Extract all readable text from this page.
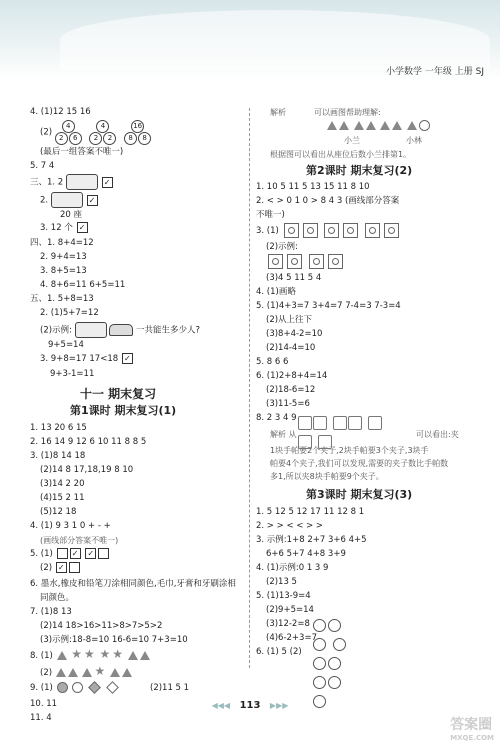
小学数学 一年级 上册 SJ
4. (1)12 15 16
(2)
4
2	6

4
2	2

16
8	8
(最后一组答案不唯一)
5. 7 4
三、1. 2	✓
2.	✓
20 座
3. 12 个 ✓
四、1. 8+4=12
2. 9+4=13
3. 8+5=13
4. 8+6=11 6+5=11
五、1. 5+8=13
2. (1)5+7=12
(2)示例:	一共能生多少人?
9+5=14
3. 9+8=17 17<18 ✓
9+3-1=11
十一 期末复习
第1课时 期末复习(1)
1. 13 20 6 15
2. 16 14 9 12 6 10 11 8 8 5
3. (1)8 14 18
(2)14 8 17,18,19 8 10
(3)14 2 20
(4)15 2 11
(5)12 18
4. (1) 9 3 1 0 + - +
(画线部分答案不唯一)
5. (1) ✓ ✓
(2) ✓
6. 墨水,橡皮和铅笔刀涂相同颜色,毛巾,牙膏和牙刷涂相
同颜色。
7. (1)8 13
(2)14 18>16>11>8>7>5>2
(3)示例:18-8=10 16-6=10 7+3=10
8. (1) ★ ★ ★ ★
(2)	★
9. (1)	(2)11 5 1
10. 11
11. 4
解析	可以画图帮助理解:

小兰	小林
根据图可以看出从座位后数小兰排第1。
第2课时 期末复习(2)
1. 10 5 11 5 13 15 11 8 10
2. < > 0 1 0 > 8 4 3 (画线部分答案
不唯一)
3. (1)
(2)示例:

(3)4 5 11 5 4
4. (1)画略
5. (1)4+3=7 3+4=7 7-4=3 7-3=4
(2)从上往下
(3)8+4-2=10
(2)14-4=10
5. 8 6 6
6. (1)2+8+4=14
(2)18-6=12
(3)11-5=6
8. 2 3 4 9
解析 从	可以看出:夹
1块手帕要2个夹子,2块手帕要3个夹子,3块手
帕要4个夹子,我们可以发现,需要的夹子数比手帕数
多1,所以夹8块手帕要9个夹子。
第3课时 期末复习(3)
1. 5 12 5 12 17 11 12 8 1
2. > > < < > >
3. 示例:1+8 2+7 3+6 4+5
6+6 5+7 4+8 3+9
4. (1)示例:0 1 3 9
(2)13 5
5. (1)13-9=4
(2)9+5=14
(3)12-2=8
(4)6-2+3=7
6. (1) 5 (2)

◀◀◀ 113 ▶▶▶
答案圈
MXQE.COM
